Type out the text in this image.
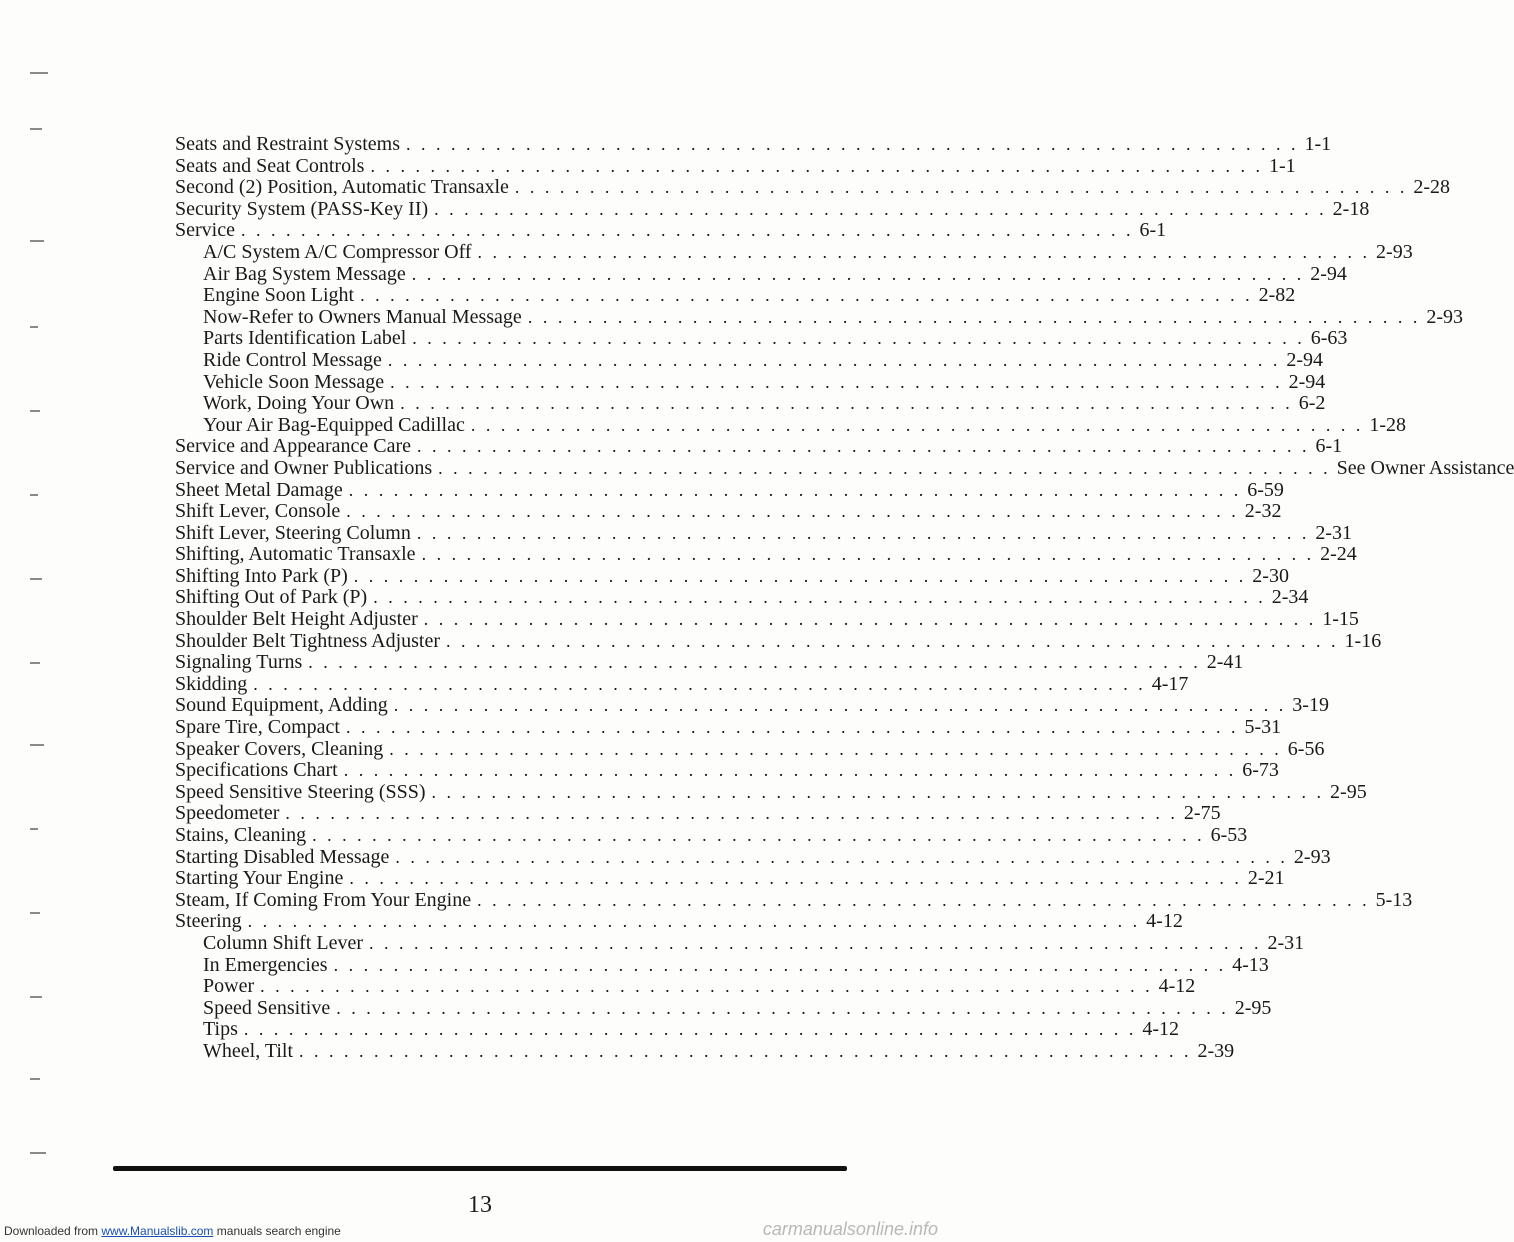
Seats and Restraint Systems . . . . . . . . . . . . . . . . . . . . . . . . . . . . . . . . . . . . . . . . . . . . . . . . . . . . . . . . . . . . 1-1
Seats and Seat Controls . . . . . . . . . . . . . . . . . . . . . . . . . . . . . . . . . . . . . . . . . . . . . . . . . . . . . . . . . . . . 1-1
Second (2) Position, Automatic Transaxle . . . . . . . . . . . . . . . . . . . . . . . . . . . . . . . . . . . . . . . . . . . . . . . . . . . . . . . . . . . . 2-28
Security System (PASS-Key II) . . . . . . . . . . . . . . . . . . . . . . . . . . . . . . . . . . . . . . . . . . . . . . . . . . . . . . . . . . . . 2-18
Service . . . . . . . . . . . . . . . . . . . . . . . . . . . . . . . . . . . . . . . . . . . . . . . . . . . . . . . . . . . . 6-1
A/C System A/C Compressor Off . . . . . . . . . . . . . . . . . . . . . . . . . . . . . . . . . . . . . . . . . . . . . . . . . . . . . . . . . . . . 2-93
Air Bag System Message . . . . . . . . . . . . . . . . . . . . . . . . . . . . . . . . . . . . . . . . . . . . . . . . . . . . . . . . . . . . 2-94
Engine Soon Light . . . . . . . . . . . . . . . . . . . . . . . . . . . . . . . . . . . . . . . . . . . . . . . . . . . . . . . . . . . . 2-82
Now-Refer to Owners Manual Message . . . . . . . . . . . . . . . . . . . . . . . . . . . . . . . . . . . . . . . . . . . . . . . . . . . . . . . . . . . . 2-93
Parts Identification Label . . . . . . . . . . . . . . . . . . . . . . . . . . . . . . . . . . . . . . . . . . . . . . . . . . . . . . . . . . . . 6-63
Ride Control Message . . . . . . . . . . . . . . . . . . . . . . . . . . . . . . . . . . . . . . . . . . . . . . . . . . . . . . . . . . . . 2-94
Vehicle Soon Message . . . . . . . . . . . . . . . . . . . . . . . . . . . . . . . . . . . . . . . . . . . . . . . . . . . . . . . . . . . . 2-94
Work, Doing Your Own . . . . . . . . . . . . . . . . . . . . . . . . . . . . . . . . . . . . . . . . . . . . . . . . . . . . . . . . . . . . 6-2
Your Air Bag-Equipped Cadillac . . . . . . . . . . . . . . . . . . . . . . . . . . . . . . . . . . . . . . . . . . . . . . . . . . . . . . . . . . . . 1-28
Service and Appearance Care . . . . . . . . . . . . . . . . . . . . . . . . . . . . . . . . . . . . . . . . . . . . . . . . . . . . . . . . . . . . 6-1
Service and Owner Publications . . . . . . . . . . . . . . . . . . . . . . . . . . . . . . . . . . . . . . . . . . . . . . . . . . . . . . . . . . . . See Owner Assistance
Sheet Metal Damage . . . . . . . . . . . . . . . . . . . . . . . . . . . . . . . . . . . . . . . . . . . . . . . . . . . . . . . . . . . . 6-59
Shift Lever, Console . . . . . . . . . . . . . . . . . . . . . . . . . . . . . . . . . . . . . . . . . . . . . . . . . . . . . . . . . . . . 2-32
Shift Lever, Steering Column . . . . . . . . . . . . . . . . . . . . . . . . . . . . . . . . . . . . . . . . . . . . . . . . . . . . . . . . . . . . 2-31
Shifting, Automatic Transaxle . . . . . . . . . . . . . . . . . . . . . . . . . . . . . . . . . . . . . . . . . . . . . . . . . . . . . . . . . . . . 2-24
Shifting Into Park (P) . . . . . . . . . . . . . . . . . . . . . . . . . . . . . . . . . . . . . . . . . . . . . . . . . . . . . . . . . . . . 2-30
Shifting Out of Park (P) . . . . . . . . . . . . . . . . . . . . . . . . . . . . . . . . . . . . . . . . . . . . . . . . . . . . . . . . . . . . 2-34
Shoulder Belt Height Adjuster . . . . . . . . . . . . . . . . . . . . . . . . . . . . . . . . . . . . . . . . . . . . . . . . . . . . . . . . . . . . 1-15
Shoulder Belt Tightness Adjuster . . . . . . . . . . . . . . . . . . . . . . . . . . . . . . . . . . . . . . . . . . . . . . . . . . . . . . . . . . . . 1-16
Signaling Turns . . . . . . . . . . . . . . . . . . . . . . . . . . . . . . . . . . . . . . . . . . . . . . . . . . . . . . . . . . . . 2-41
Skidding . . . . . . . . . . . . . . . . . . . . . . . . . . . . . . . . . . . . . . . . . . . . . . . . . . . . . . . . . . . . 4-17
Sound Equipment, Adding . . . . . . . . . . . . . . . . . . . . . . . . . . . . . . . . . . . . . . . . . . . . . . . . . . . . . . . . . . . . 3-19
Spare Tire, Compact . . . . . . . . . . . . . . . . . . . . . . . . . . . . . . . . . . . . . . . . . . . . . . . . . . . . . . . . . . . . 5-31
Speaker Covers, Cleaning . . . . . . . . . . . . . . . . . . . . . . . . . . . . . . . . . . . . . . . . . . . . . . . . . . . . . . . . . . . . 6-56
Specifications Chart . . . . . . . . . . . . . . . . . . . . . . . . . . . . . . . . . . . . . . . . . . . . . . . . . . . . . . . . . . . . 6-73
Speed Sensitive Steering (SSS) . . . . . . . . . . . . . . . . . . . . . . . . . . . . . . . . . . . . . . . . . . . . . . . . . . . . . . . . . . . . 2-95
Speedometer . . . . . . . . . . . . . . . . . . . . . . . . . . . . . . . . . . . . . . . . . . . . . . . . . . . . . . . . . . . . 2-75
Stains, Cleaning . . . . . . . . . . . . . . . . . . . . . . . . . . . . . . . . . . . . . . . . . . . . . . . . . . . . . . . . . . . . 6-53
Starting Disabled Message . . . . . . . . . . . . . . . . . . . . . . . . . . . . . . . . . . . . . . . . . . . . . . . . . . . . . . . . . . . . 2-93
Starting Your Engine . . . . . . . . . . . . . . . . . . . . . . . . . . . . . . . . . . . . . . . . . . . . . . . . . . . . . . . . . . . . 2-21
Steam, If Coming From Your Engine . . . . . . . . . . . . . . . . . . . . . . . . . . . . . . . . . . . . . . . . . . . . . . . . . . . . . . . . . . . . 5-13
Steering . . . . . . . . . . . . . . . . . . . . . . . . . . . . . . . . . . . . . . . . . . . . . . . . . . . . . . . . . . . . 4-12
Column Shift Lever . . . . . . . . . . . . . . . . . . . . . . . . . . . . . . . . . . . . . . . . . . . . . . . . . . . . . . . . . . . . 2-31
In Emergencies . . . . . . . . . . . . . . . . . . . . . . . . . . . . . . . . . . . . . . . . . . . . . . . . . . . . . . . . . . . . 4-13
Power . . . . . . . . . . . . . . . . . . . . . . . . . . . . . . . . . . . . . . . . . . . . . . . . . . . . . . . . . . . . 4-12
Speed Sensitive . . . . . . . . . . . . . . . . . . . . . . . . . . . . . . . . . . . . . . . . . . . . . . . . . . . . . . . . . . . . 2-95
Tips . . . . . . . . . . . . . . . . . . . . . . . . . . . . . . . . . . . . . . . . . . . . . . . . . . . . . . . . . . . . 4-12
Wheel, Tilt . . . . . . . . . . . . . . . . . . . . . . . . . . . . . . . . . . . . . . . . . . . . . . . . . . . . . . . . . . . . 2-39
13
Downloaded from www.Manualslib.com manuals search engine	carmanualsonline.info
